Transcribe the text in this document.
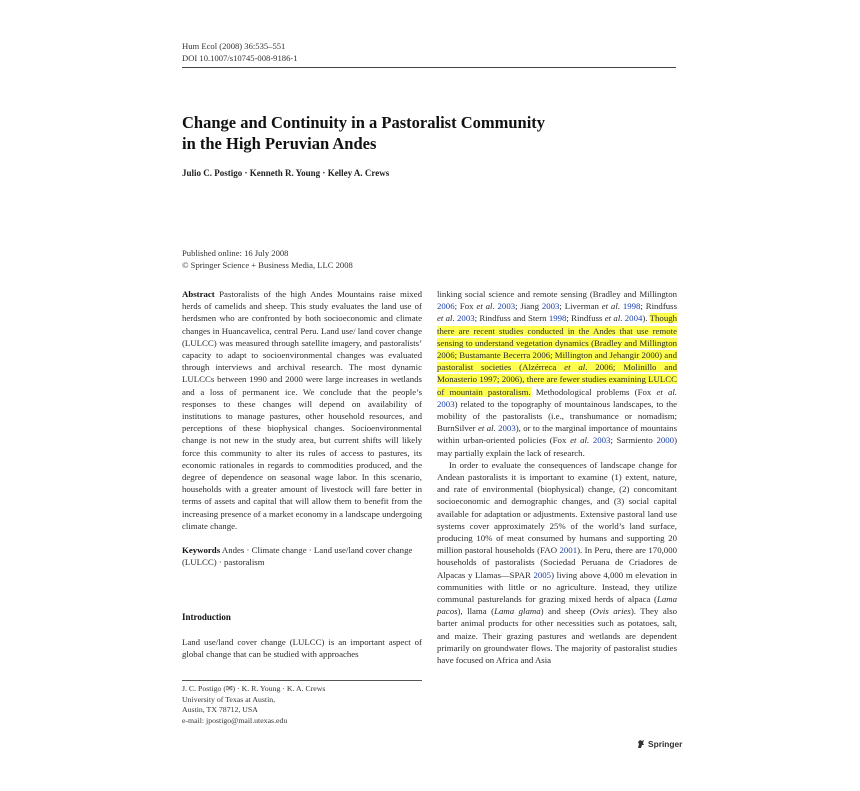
Hum Ecol (2008) 36:535–551
DOI 10.1007/s10745-008-9186-1
Change and Continuity in a Pastoralist Community
in the High Peruvian Andes
Julio C. Postigo · Kenneth R. Young · Kelley A. Crews
Published online: 16 July 2008
© Springer Science + Business Media, LLC 2008

Abstract Pastoralists of the high Andes Mountains raise mixed herds of camelids and sheep. This study evaluates the land use of herdsmen who are confronted by both socioeconomic and climate changes in Huancavelica, central Peru. Land use/ land cover change (LULCC) was measured through satellite imagery, and pastoralists’ capacity to adapt to socioenvironmental changes was evaluated through interviews and archival research. The most dynamic LULCCs between 1990 and 2000 were large increases in wetlands and a loss of permanent ice. We conclude that the people’s responses to these changes will depend on availability of institutions to manage pastures, other household resources, and perceptions of these biophysical changes. Socioenvironmental change is not new in the study area, but current shifts will likely force this community to alter its rules of access to pastures, its economic rationales in regards to commodities produced, and the degree of dependence on seasonal wage labor. In this scenario, households with a greater amount of livestock will fare better in terms of assets and capital that will allow them to benefit from the increasing presence of a market economy in a landscape undergoing climate change.

Keywords Andes · Climate change · Land use/land cover change (LULCC) · pastoralism

Introduction

Land use/land cover change (LULCC) is an important aspect of global change that can be studied with approaches

J. C. Postigo (✉) · K. R. Young · K. A. Crews
University of Texas at Austin,
Austin, TX 78712, USA
e-mail: jpostigo@mail.utexas.edu

linking social science and remote sensing (Bradley and Millington 2006; Fox et al. 2003; Jiang 2003; Liverman et al. 1998; Rindfuss et al. 2003; Rindfuss and Stern 1998; Rindfuss et al. 2004). Though there are recent studies conducted in the Andes that use remote sensing to understand vegetation dynamics (Bradley and Millington 2006; Bustamante Becerra 2006; Millington and Jehangir 2000) and pastoralist societies (Alzérreca et al. 2006; Molinillo and Monasterio 1997; 2006), there are fewer studies examining LULCC of mountain pastoralism. Methodological problems (Fox et al. 2003) related to the topography of mountainous landscapes, to the mobility of the pastoralists (i.e., transhumance or nomadism; BurnSilver et al. 2003), or to the marginal importance of mountains within urban-oriented policies (Fox et al. 2003; Sarmiento 2000) may partially explain the lack of research.

In order to evaluate the consequences of landscape change for Andean pastoralists it is important to examine (1) extent, nature, and rate of environmental (biophysical) change, (2) concomitant socioeconomic and demographic changes, and (3) social capital available for adaptation or adjustments. Extensive pastoral land use systems cover approximately 25% of the world’s land surface, producing 10% of meat consumed by humans and supporting 20 million pastoral households (FAO 2001). In Peru, there are 170,000 households of pastoralists (Sociedad Peruana de Criadores de Alpacas y Llamas—SPAR 2005) living above 4,000 m elevation in communities with little or no agriculture. Instead, they utilize communal pasturelands for grazing mixed herds of alpaca (Lama pacos), llama (Lama glama) and sheep (Ovis aries). They also barter animal products for other necessities such as potatoes, salt, and maize. Their grazing pastures and wetlands are dependent primarily on groundwater flows. The majority of pastoralist studies have focused on Africa and Asia

Springer
